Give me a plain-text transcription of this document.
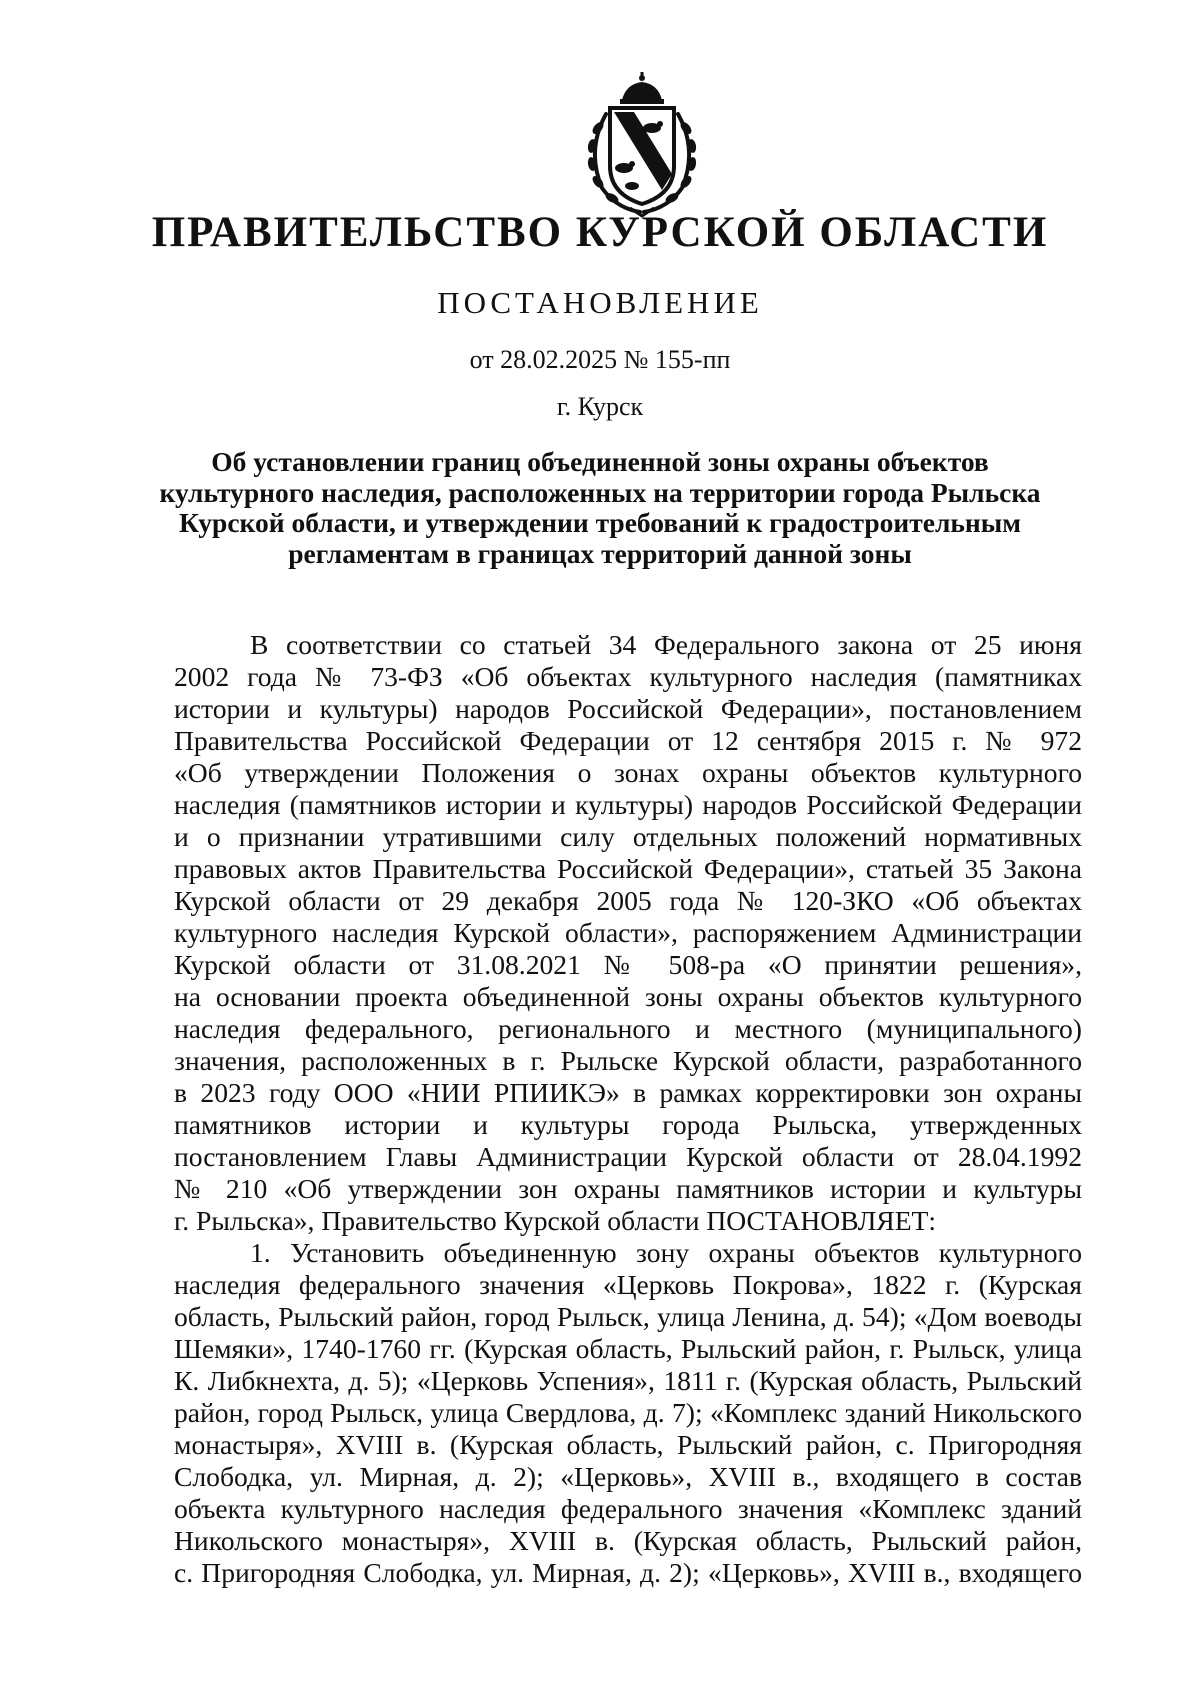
ПРАВИТЕЛЬСТВО КУРСКОЙ ОБЛАСТИ
ПОСТАНОВЛЕНИЕ
от 28.02.2025 № 155-пп
г. Курск
Об установлении границ объединенной зоны охраны объектов
культурного наследия, расположенных на территории города Рыльска
Курской области, и утверждении требований к градостроительным
регламентам в границах территорий данной зоны
В соответствии со статьей 34 Федерального закона от 25 июня
2002 года № 73-ФЗ «Об объектах культурного наследия (памятниках
истории и культуры) народов Российской Федерации», постановлением
Правительства Российской Федерации от 12 сентября 2015 г. № 972
«Об утверждении Положения о зонах охраны объектов культурного
наследия (памятников истории и культуры) народов Российской Федерации
и о признании утратившими силу отдельных положений нормативных
правовых актов Правительства Российской Федерации», статьей 35 Закона
Курской области от 29 декабря 2005 года № 120-ЗКО «Об объектах
культурного наследия Курской области», распоряжением Администрации
Курской области от 31.08.2021 № 508-ра «О принятии решения»,
на основании проекта объединенной зоны охраны объектов культурного
наследия федерального, регионального и местного (муниципального)
значения, расположенных в г. Рыльске Курской области, разработанного
в 2023 году ООО «НИИ РПИИКЭ» в рамках корректировки зон охраны
памятников истории и культуры города Рыльска, утвержденных
постановлением Главы Администрации Курской области от 28.04.1992
№ 210 «Об утверждении зон охраны памятников истории и культуры
г. Рыльска», Правительство Курской области ПОСТАНОВЛЯЕТ:
1. Установить объединенную зону охраны объектов культурного
наследия федерального значения «Церковь Покрова», 1822 г. (Курская
область, Рыльский район, город Рыльск, улица Ленина, д. 54); «Дом воеводы
Шемяки», 1740-1760 гг. (Курская область, Рыльский район, г. Рыльск, улица
К. Либкнехта, д. 5); «Церковь Успения», 1811 г. (Курская область, Рыльский
район, город Рыльск, улица Свердлова, д. 7); «Комплекс зданий Никольского
монастыря», XVIII в. (Курская область, Рыльский район, с. Пригородняя
Слободка, ул. Мирная, д. 2); «Церковь», XVIII в., входящего в состав
объекта культурного наследия федерального значения «Комплекс зданий
Никольского монастыря», XVIII в. (Курская область, Рыльский район,
с. Пригородняя Слободка, ул. Мирная, д. 2); «Церковь», XVIII в., входящего
